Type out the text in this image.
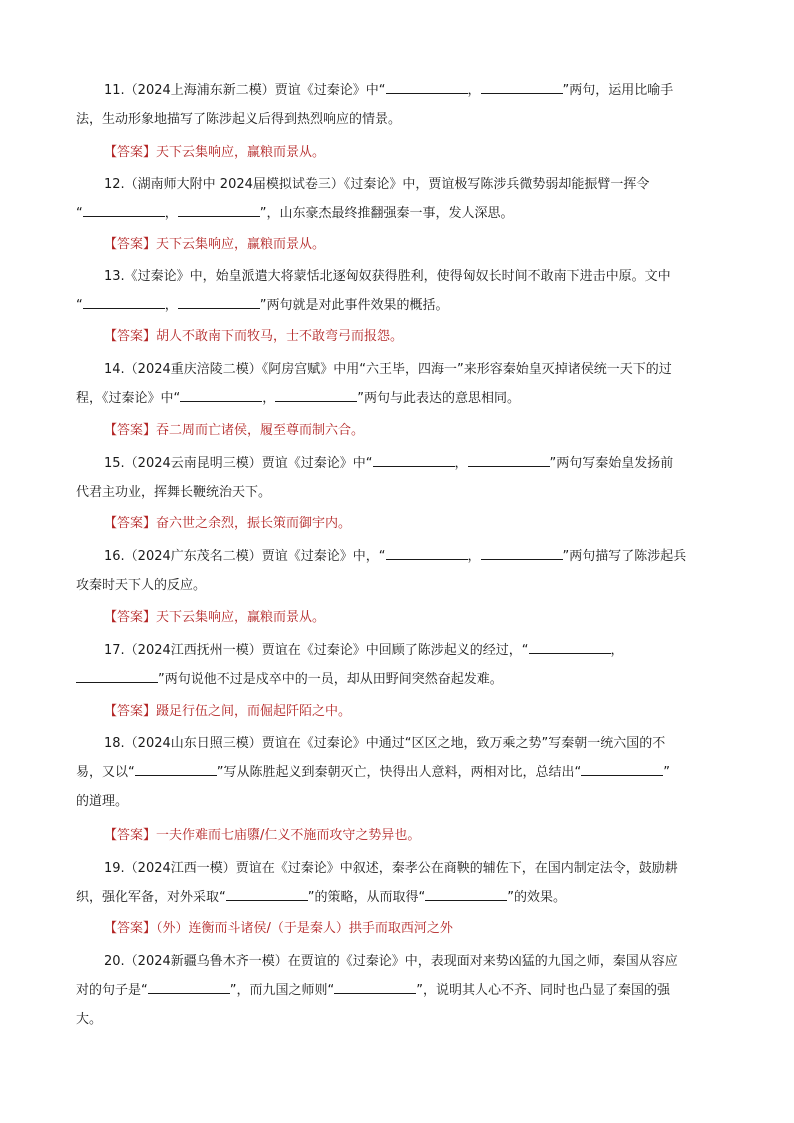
11.（2024上海浦东新二模）贾谊《过秦论》中“	，	”两句，运用比喻手
法，生动形象地描写了陈涉起义后得到热烈响应的情景。
【答案】天下云集响应，赢粮而景从。
12.（湖南师大附中 2024届模拟试卷三）《过秦论》中，贾谊极写陈涉兵微势弱却能振臂一挥令
“	，	”，山东豪杰最终推翻强秦一事，发人深思。
【答案】天下云集响应，赢粮而景从。
13.《过秦论》中，始皇派遣大将蒙恬北逐匈奴获得胜利，使得匈奴长时间不敢南下进击中原。文中
“	，	”两句就是对此事件效果的概括。
【答案】胡人不敢南下而牧马，士不敢弯弓而报怨。
14.（2024重庆涪陵二模）《阿房宫赋》中用“六王毕，四海一”来形容秦始皇灭掉诸侯统一天下的过
程，《过秦论》中“	，	”两句与此表达的意思相同。
【答案】吞二周而亡诸侯，履至尊而制六合。
15.（2024云南昆明三模）贾谊《过秦论》中“	，	”两句写秦始皇发扬前
代君主功业，挥舞长鞭统治天下。
【答案】奋六世之余烈，振长策而御宇内。
16.（2024广东茂名二模）贾谊《过秦论》中，“	，	”两句描写了陈涉起兵
攻秦时天下人的反应。
【答案】天下云集响应，赢粮而景从。
17.（2024江西抚州一模）贾谊在《过秦论》中回顾了陈涉起义的经过，“	，
”两句说他不过是戍卒中的一员，却从田野间突然奋起发难。
【答案】蹑足行伍之间，而倔起阡陌之中。
18.（2024山东日照三模）贾谊在《过秦论》中通过“区区之地，致万乘之势”写秦朝一统六国的不
易，又以“	”写从陈胜起义到秦朝灭亡，快得出人意料，两相对比，总结出“	”
的道理。
【答案】一夫作难而七庙隳/仁义不施而攻守之势异也。
19.（2024江西一模）贾谊在《过秦论》中叙述，秦孝公在商鞅的辅佐下，在国内制定法令，鼓励耕
织，强化军备，对外采取“	”的策略，从而取得“	”的效果。
【答案】（外）连衡而斗诸侯/（于是秦人）拱手而取西河之外
20.（2024新疆乌鲁木齐一模）在贾谊的《过秦论》中，表现面对来势凶猛的九国之师，秦国从容应
对的句子是“	”，而九国之师则“	”，说明其人心不齐、同时也凸显了秦国的强
大。
